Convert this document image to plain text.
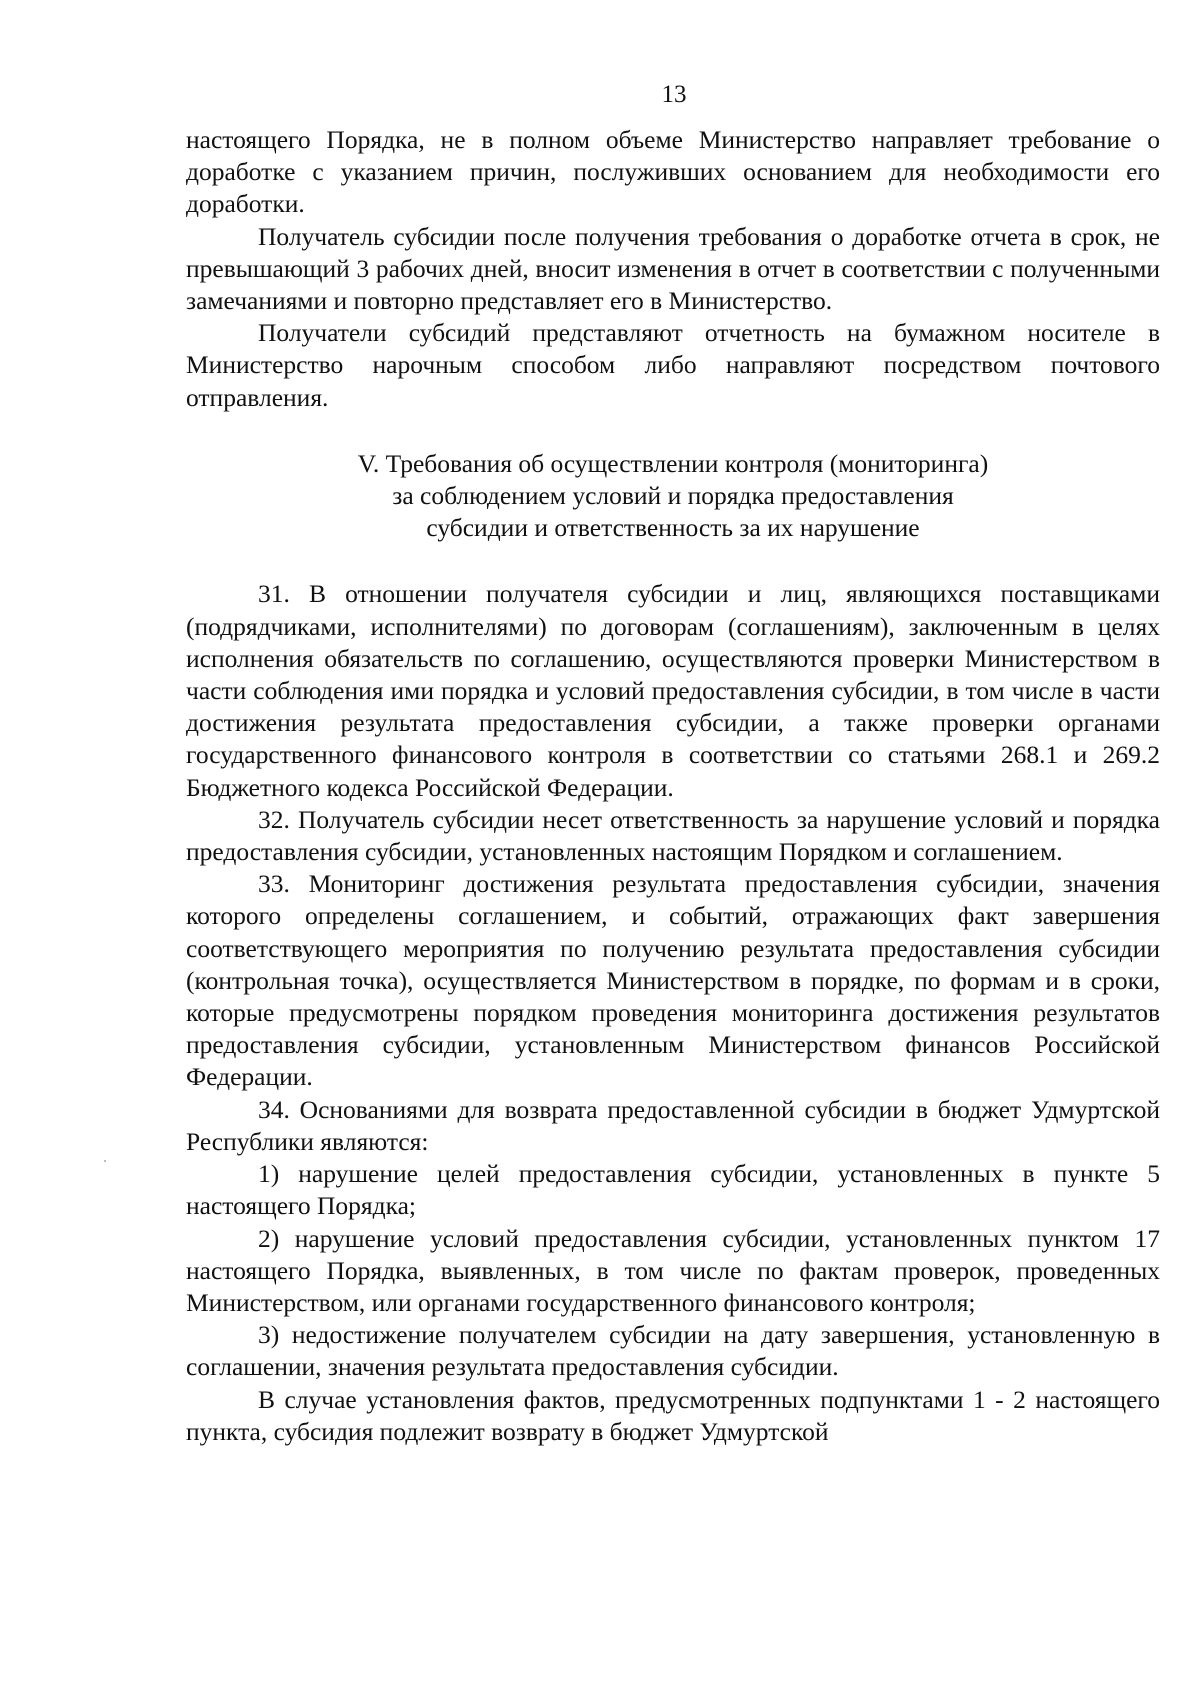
13

настоящего Порядка, не в полном объеме Министерство направляет требование о доработке с указанием причин, послуживших основанием для необходимости его доработки.

Получатель субсидии после получения требования о доработке отчета в срок, не превышающий 3 рабочих дней, вносит изменения в отчет в соответствии с полученными замечаниями и повторно представляет его в Министерство.

Получатели субсидий представляют отчетность на бумажном носителе в Министерство нарочным способом либо направляют посредством почтового отправления.

V. Требования об осуществлении контроля (мониторинга)
за соблюдением условий и порядка предоставления
субсидии и ответственность за их нарушение

31. В отношении получателя субсидии и лиц, являющихся поставщиками (подрядчиками, исполнителями) по договорам (соглашениям), заключенным в целях исполнения обязательств по соглашению, осуществляются проверки Министерством в части соблюдения ими порядка и условий предоставления субсидии, в том числе в части достижения результата предоставления субсидии, а также проверки органами государственного финансового контроля в соответствии со статьями 268.1 и 269.2 Бюджетного кодекса Российской Федерации.

32. Получатель субсидии несет ответственность за нарушение условий и порядка предоставления субсидии, установленных настоящим Порядком и соглашением.

33. Мониторинг достижения результата предоставления субсидии, значения которого определены соглашением, и событий, отражающих факт завершения соответствующего мероприятия по получению результата предоставления субсидии (контрольная точка), осуществляется Министерством в порядке, по формам и в сроки, которые предусмотрены порядком проведения мониторинга достижения результатов предоставления субсидии, установленным Министерством финансов Российской Федерации.

34. Основаниями для возврата предоставленной субсидии в бюджет Удмуртской Республики являются:

1) нарушение целей предоставления субсидии, установленных в пункте 5 настоящего Порядка;

2) нарушение условий предоставления субсидии, установленных пунктом 17 настоящего Порядка, выявленных, в том числе по фактам проверок, проведенных Министерством, или органами государственного финансового контроля;

3) недостижение получателем субсидии на дату завершения, установленную в соглашении, значения результата предоставления субсидии.

В случае установления фактов, предусмотренных подпунктами 1 - 2 настоящего пункта, субсидия подлежит возврату в бюджет Удмуртской
